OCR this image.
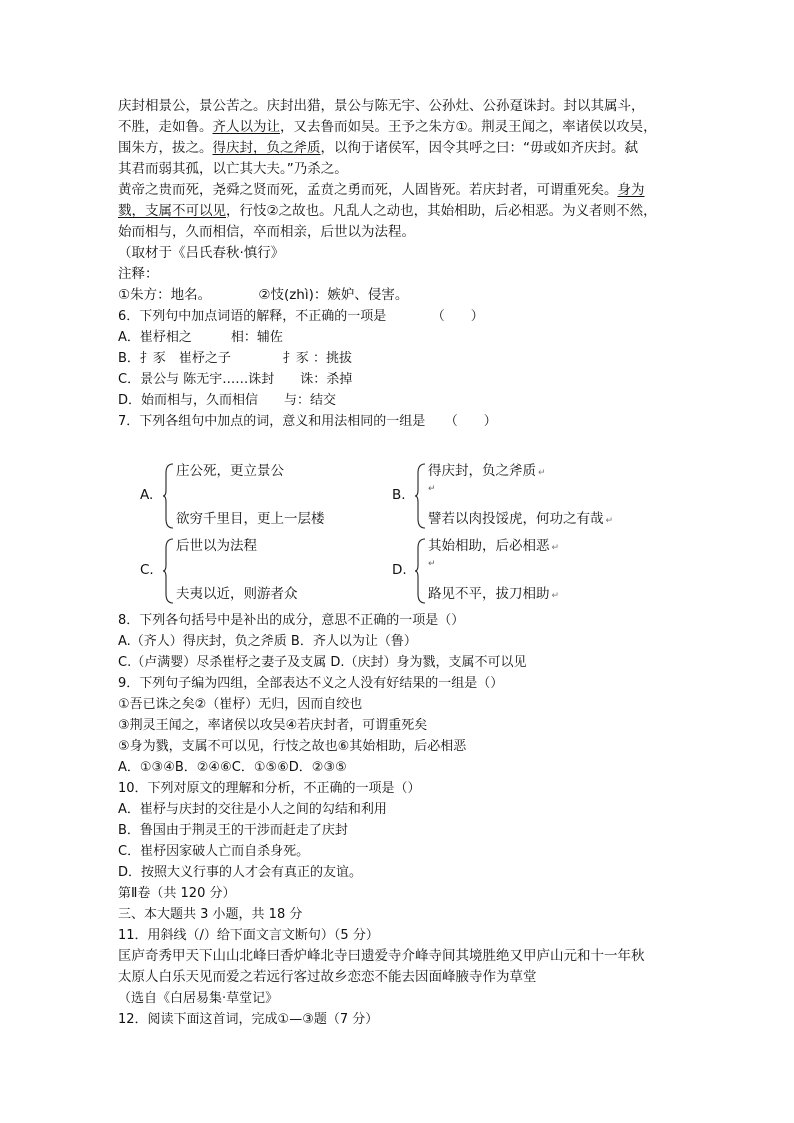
庆封相景公，景公苦之。庆封出猎，景公与陈无宇、公孙灶、公孙趸诛封。封以其属斗，
不胜，走如鲁。齐人以为让，又去鲁而如吴。王予之朱方①。荆灵王闻之，率诸侯以攻吴，
围朱方，拔之。得庆封，负之斧质，以徇于诸侯军，因令其呼之曰：“毋或如齐庆封。弑
其君而弱其孤，以亡其大夫。”乃杀之。
黄帝之贵而死，尧舜之贤而死，孟贲之勇而死，人固皆死。若庆封者，可谓重死矣。身为
戮，支属不可以见，行忮②之故也。凡乱人之动也，其始相助，后必相恶。为义者则不然，
始而相与，久而相信，卒而相亲，后世以为法程。
（取材于《吕氏春秋·慎行》
注释：
①朱方：地名。　　　　②忮(zhì)：嫉妒、侵害。
6．下列句中加点词语的解释，不正确的一项是　　　　（　　）
A．崔杼相之　　　相：辅佐
B．扌豕　崔杼之子　　　　扌豕 ：挑拔
C．景公与 陈无宇……诛封　　诛：杀掉
D．始而相与，久而相信　　与：结交
7．下列各组句中加点的词，意义和用法相同的一组是　　（　　）
A.
庄公死，更立景公
欲穷千里目，更上一层楼
B.
得庆封，负之斧质 ↵
↵
譬若以肉投馁虎，何功之有哉 ↵
C.
后世以为法程
夫夷以近，则游者众
D.
其始相助，后必相恶 ↵
↵
路见不平，拔刀相助 ↵
8．下列各句括号中是补出的成分，意思不正确的一项是（）
A.（齐人）得庆封，负之斧质 B．齐人以为让（鲁）
C.（卢满婴）尽杀崔杼之妻子及支属 D.（庆封）身为戮，支属不可以见
9．下列句子编为四组，全部表达不义之人没有好结果的一组是（）
①吾已诛之矣②（崔杼）无归，因而自绞也
③荆灵王闻之，率诸侯以攻吴④若庆封者，可谓重死矣
⑤身为戮，支属不可以见，行忮之故也⑥其始相助，后必相恶
A．①③④B．②④⑥C．①⑤⑥D．②③⑤
10．下列对原文的理解和分析，不正确的一项是（）
A．崔杼与庆封的交往是小人之间的勾结和利用
B．鲁国由于荆灵王的干涉而赶走了庆封
C．崔杼因家破人亡而自杀身死。
D．按照大义行事的人才会有真正的友谊。
第Ⅱ卷（共 120 分）
三、本大题共 3 小题，共 18 分
11．用斜线（/）给下面文言文断句）（5 分）
匡庐奇秀甲天下山山北峰曰香炉峰北寺曰遗爱寺介峰寺间其境胜绝又甲庐山元和十一年秋
太原人白乐天见而爱之若远行客过故乡恋恋不能去因面峰腋寺作为草堂
（选自《白居易集·草堂记》
12．阅读下面这首词，完成①—③题（7 分）
